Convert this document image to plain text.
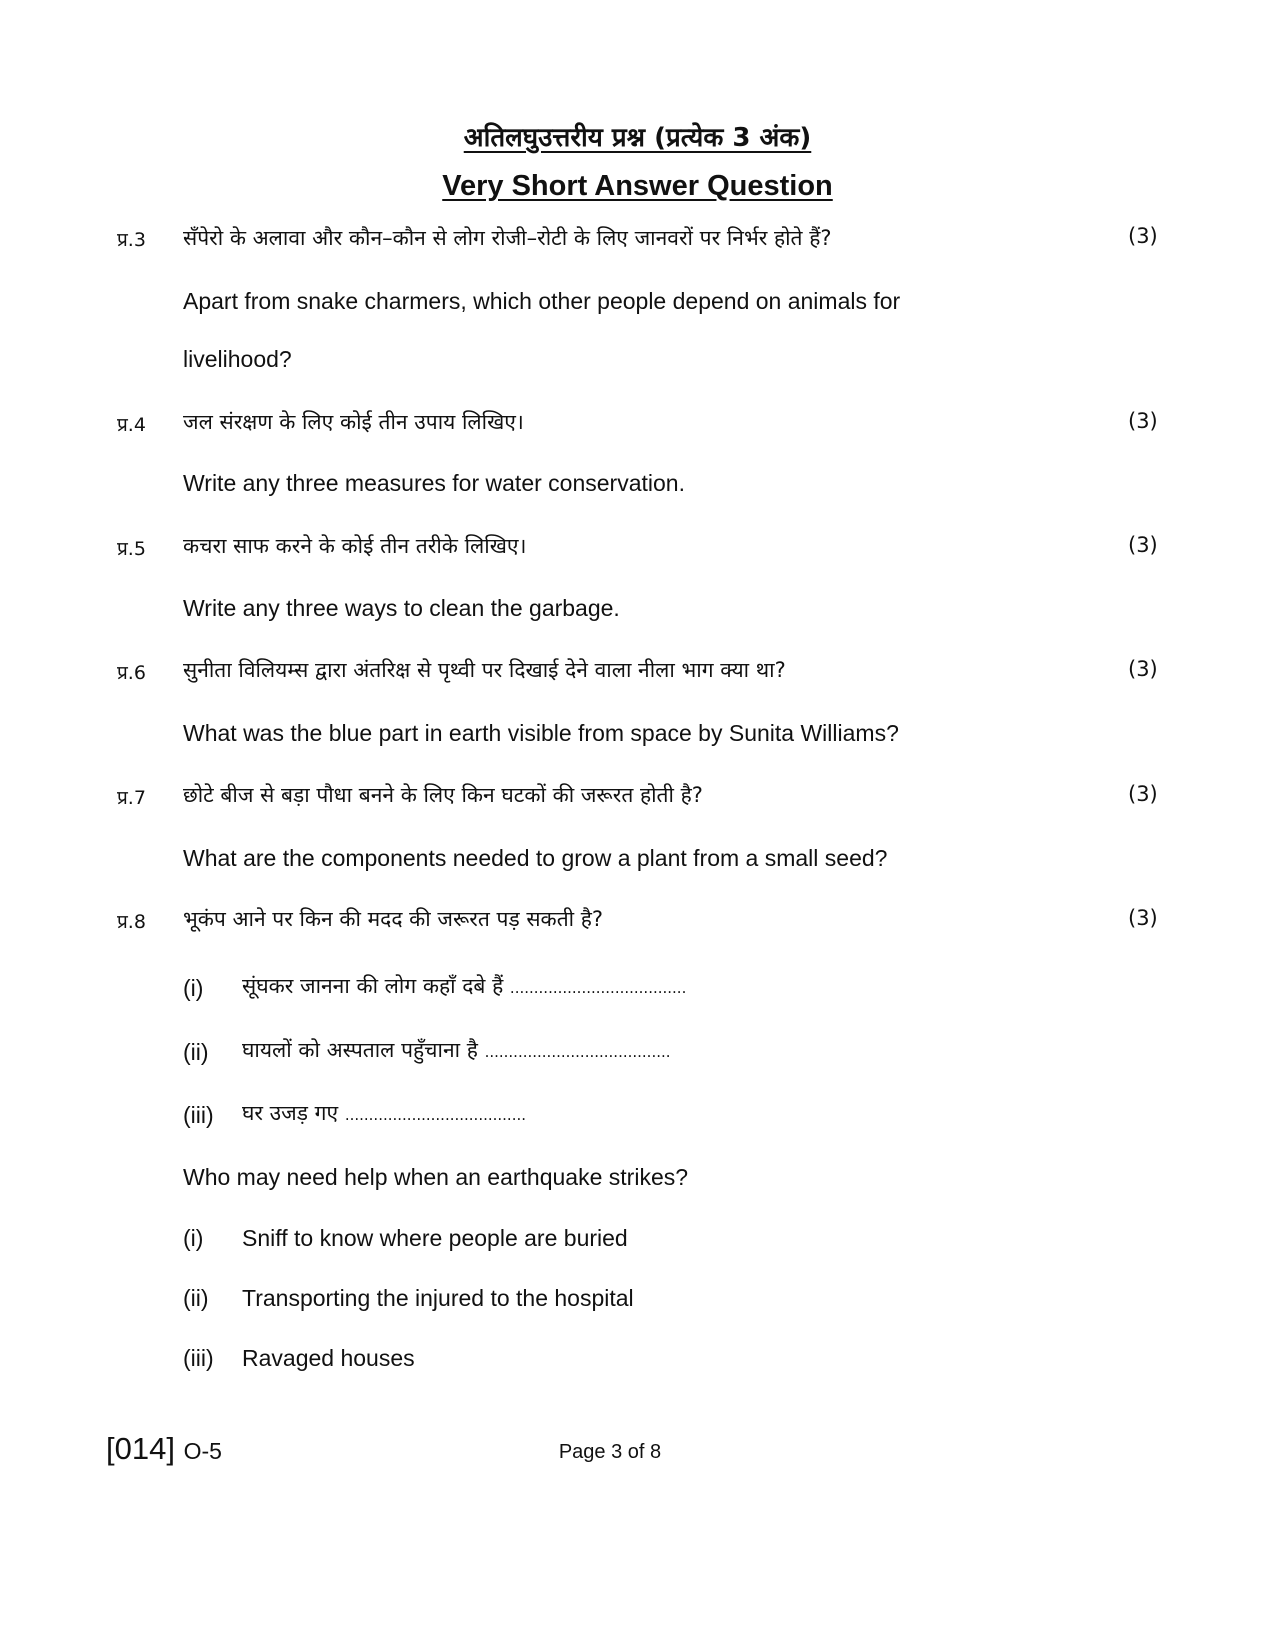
अतिलघुउत्तरीय प्रश्न (प्रत्येक 3 अंक)
Very Short Answer Question
प्र.3 सँपेरो के अलावा और कौन–कौन से लोग रोजी–रोटी के लिए जानवरों पर निर्भर होते हैं?	(3)
Apart from snake charmers, which other people depend on animals for
livelihood?
प्र.4 जल संरक्षण के लिए कोई तीन उपाय लिखिए।	(3)
Write any three measures for water conservation.
प्र.5 कचरा साफ करने के कोई तीन तरीके लिखिए।	(3)
Write any three ways to clean the garbage.
प्र.6 सुनीता विलियम्स द्वारा अंतरिक्ष से पृथ्वी पर दिखाई देने वाला नीला भाग क्या था?	(3)
What was the blue part in earth visible from space by Sunita Williams?
प्र.7 छोटे बीज से बड़ा पौधा बनने के लिए किन घटकों की जरूरत होती है?	(3)
What are the components needed to grow a plant from a small seed?
प्र.8 भूकंप आने पर किन की मदद की जरूरत पड़ सकती है?	(3)
(i) सूंघकर जानना की लोग कहाँ दबे हैं .....................................
(ii) घायलों को अस्पताल पहुँचाना है .......................................
(iii) घर उजड़ गए ......................................
Who may need help when an earthquake strikes?
(i) Sniff to know where people are buried
(ii) Transporting the injured to the hospital
(iii) Ravaged houses
[014] O-5	Page 3 of 8
